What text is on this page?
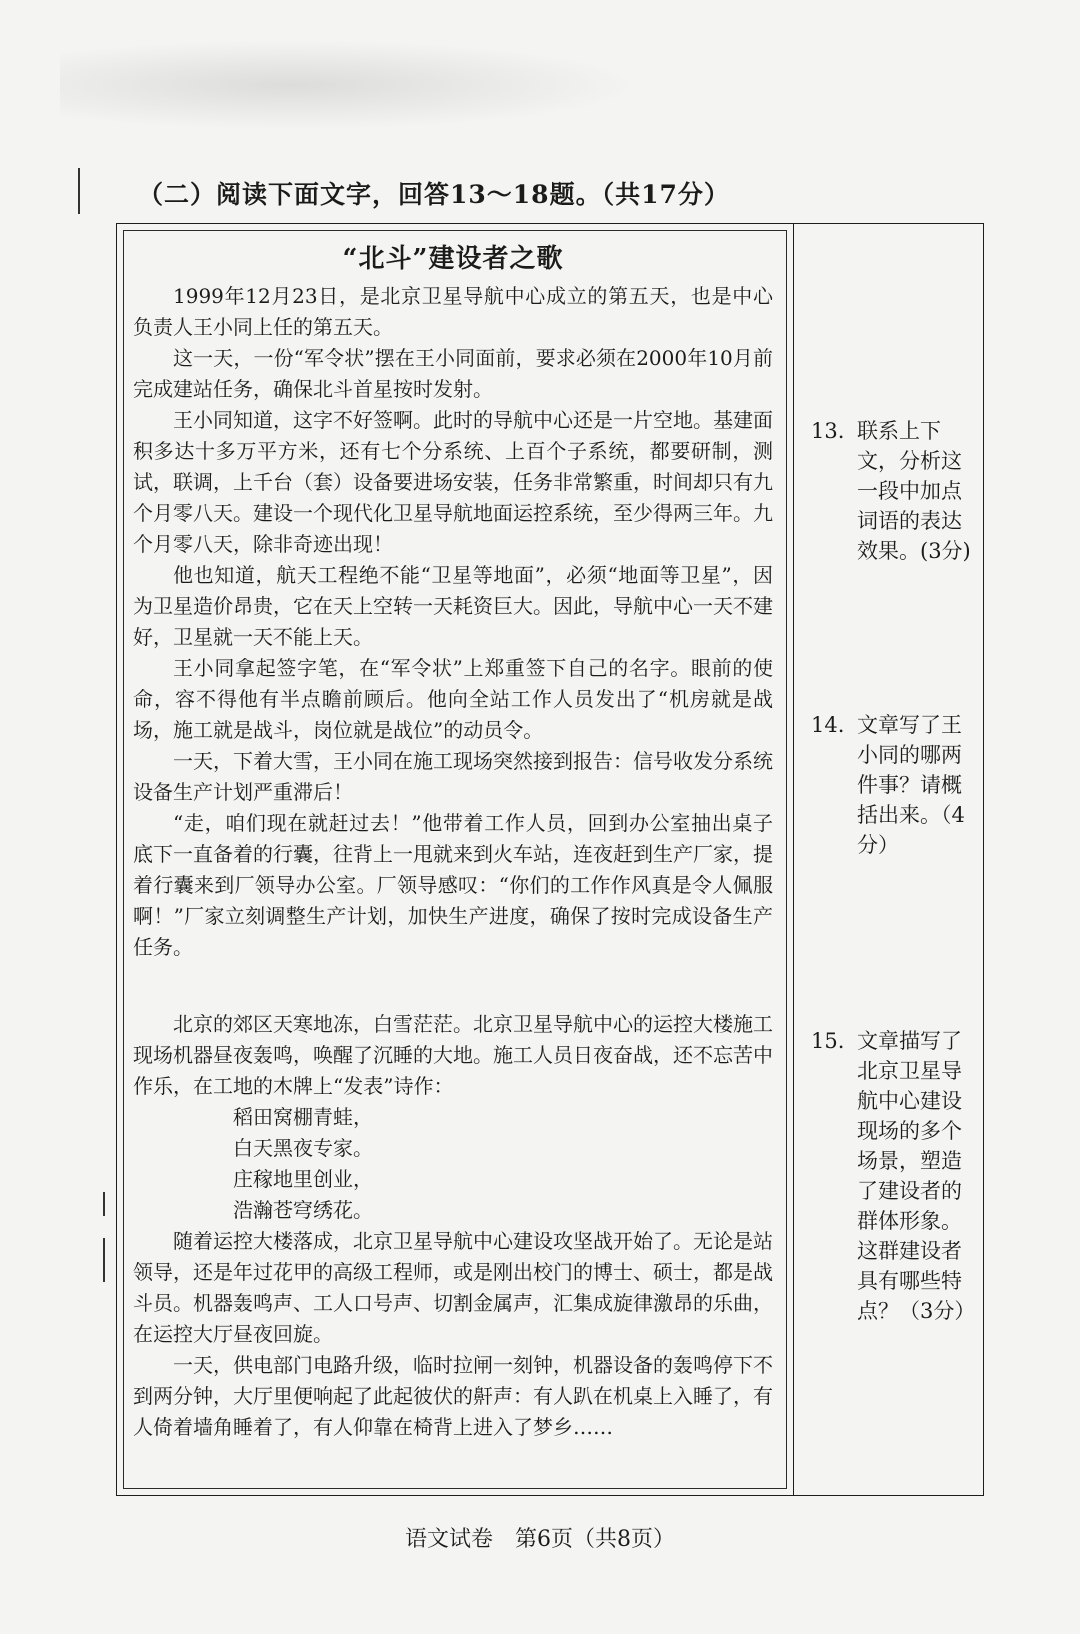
（二）阅读下面文字，回答13～18题。（共17分）
“北斗”建设者之歌

1999年12月23日，是北京卫星导航中心成立的第五天，也是中心负责人王小同上任的第五天。

这一天，一份“军令状”摆在王小同面前，要求必须在2000年10月前完成建站任务，确保北斗首星按时发射。

王小同知道，这字不好签啊。此时的导航中心还是一片空地。基建面积多达十多万平方米，还有七个分系统、上百个子系统，都要研制，测试，联调，上千台（套）设备要进场安装，任务非常繁重，时间却只有九个月零八天。建设一个现代化卫星导航地面运控系统，至少得两三年。九个月零八天，除非奇迹出现！

他也知道，航天工程绝不能“卫星等地面”，必须“地面等卫星”，因为卫星造价昂贵，它在天上空转一天耗资巨大。因此，导航中心一天不建好，卫星就一天不能上天。

王小同拿起签字笔，在“军令状”上郑重签下自己的名字。眼前的使命，容不得他有半点瞻前顾后。他向全站工作人员发出了“机房就是战场，施工就是战斗，岗位就是战位”的动员令。

一天，下着大雪，王小同在施工现场突然接到报告：信号收发分系统设备生产计划严重滞后！

“走，咱们现在就赶过去！”他带着工作人员，回到办公室抽出桌子底下一直备着的行囊，往背上一甩就来到火车站，连夜赶到生产厂家，提着行囊来到厂领导办公室。厂领导感叹：“你们的工作作风真是令人佩服啊！”厂家立刻调整生产计划，加快生产进度，确保了按时完成设备生产任务。

北京的郊区天寒地冻，白雪茫茫。北京卫星导航中心的运控大楼施工现场机器昼夜轰鸣，唤醒了沉睡的大地。施工人员日夜奋战，还不忘苦中作乐，在工地的木牌上“发表”诗作：

稻田窝棚青蛙，

白天黑夜专家。

庄稼地里创业，

浩瀚苍穹绣花。

随着运控大楼落成，北京卫星导航中心建设攻坚战开始了。无论是站领导，还是年过花甲的高级工程师，或是刚出校门的博士、硕士，都是战斗员。机器轰鸣声、工人口号声、切割金属声，汇集成旋律激昂的乐曲，在运控大厅昼夜回旋。

一天，供电部门电路升级，临时拉闸一刻钟，机器设备的轰鸣停下不到两分钟，大厅里便响起了此起彼伏的鼾声：有人趴在机桌上入睡了，有人倚着墙角睡着了，有人仰靠在椅背上进入了梦乡……

13. 联系上下文，分析这一段中加点词语的表达效果。(3分)
14. 文章写了王小同的哪两件事？请概括出来。（4分）
15. 文章描写了北京卫星导航中心建设现场的多个场景，塑造了建设者的群体形象。这群建设者具有哪些特点？（3分）
语文试卷　第6页（共8页）
